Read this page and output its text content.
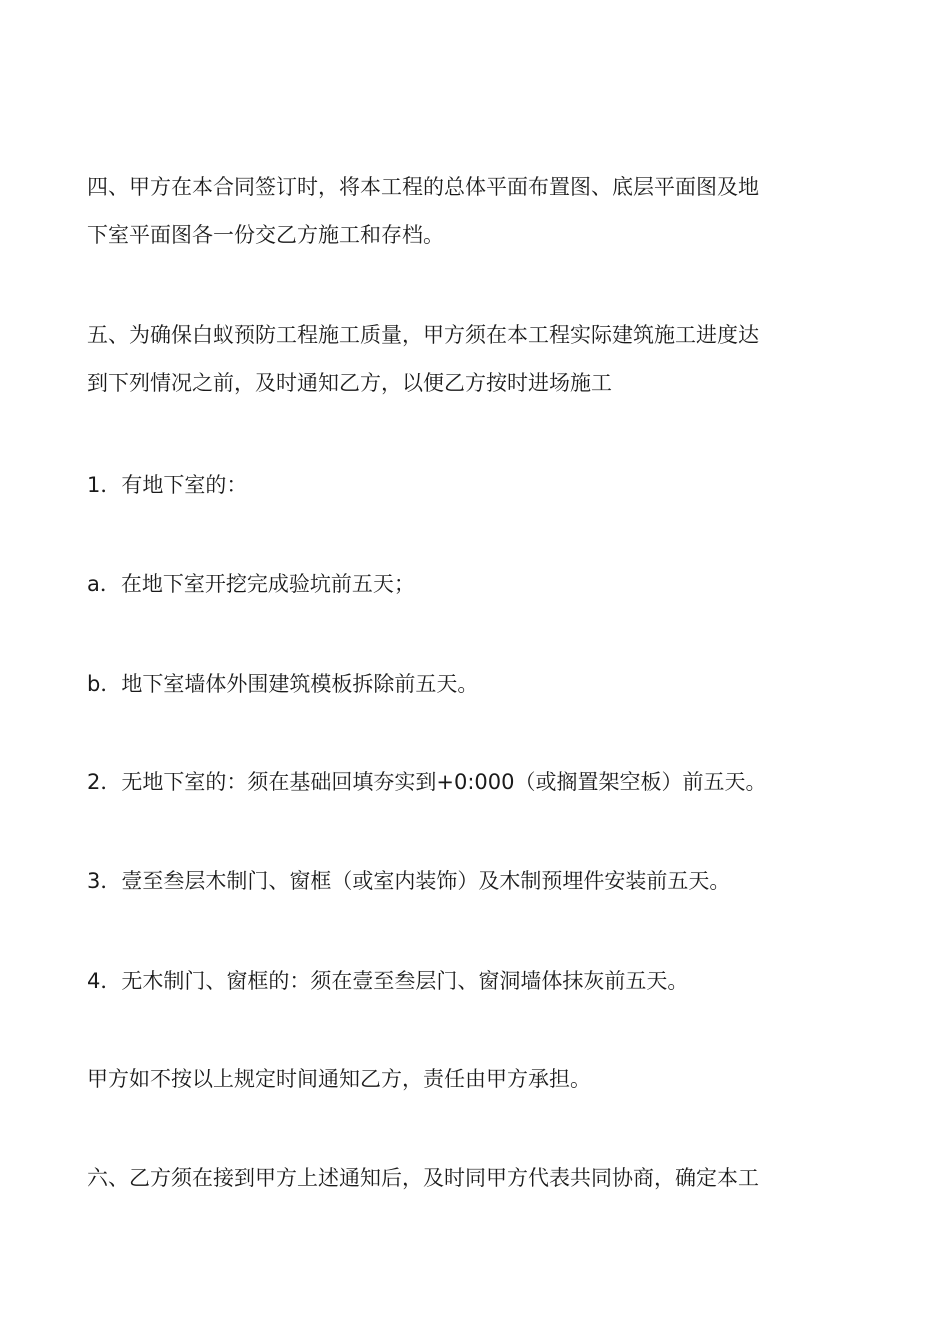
四、甲方在本合同签订时，将本工程的总体平面布置图、底层平面图及地
下室平面图各一份交乙方施工和存档。

五、为确保白蚁预防工程施工质量，甲方须在本工程实际建筑施工进度达
到下列情况之前，及时通知乙方，以便乙方按时进场施工

1．有地下室的：

a．在地下室开挖完成验坑前五天；

b．地下室墙体外围建筑模板拆除前五天。

2．无地下室的：须在基础回填夯实到+0:000（或搁置架空板）前五天。

3．壹至叁层木制门、窗框（或室内装饰）及木制预埋件安装前五天。

4．无木制门、窗框的：须在壹至叁层门、窗洞墙体抹灰前五天。

甲方如不按以上规定时间通知乙方，责任由甲方承担。

六、乙方须在接到甲方上述通知后，及时同甲方代表共同协商，确定本工
